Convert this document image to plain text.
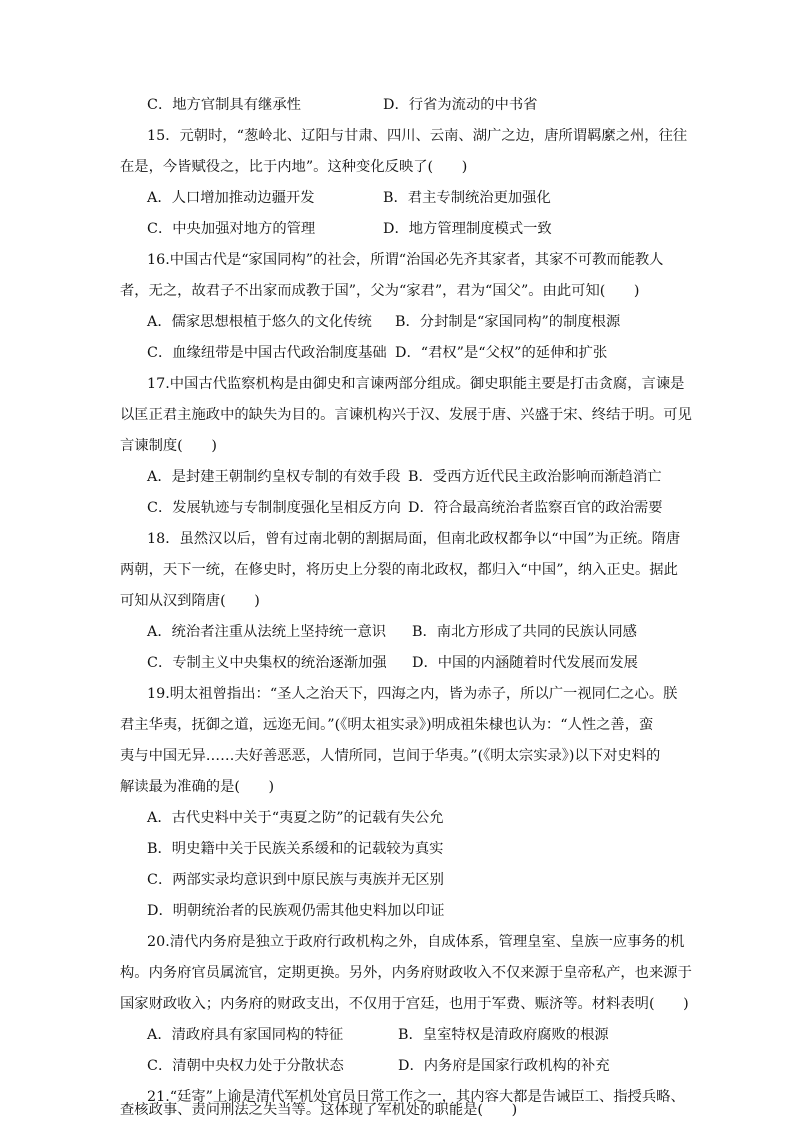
C．地方官制具有继承性	D．行省为流动的中书省
15．元朝时，“葱岭北、辽阳与甘肃、四川、云南、湖广之边，唐所谓羁縻之州，往往
在是，今皆赋役之，比于内地”。这种变化反映了(　　)
A．人口增加推动边疆开发	B．君主专制统治更加强化
C．中央加强对地方的管理	D．地方管理制度模式一致
16.中国古代是“家国同构”的社会，所谓“治国必先齐其家者，其家不可教而能教人
者，无之，故君子不出家而成教于国”，父为“家君”，君为“国父”。由此可知(　　)
A．儒家思想根植于悠久的文化传统 B．分封制是“家国同构”的制度根源
C．血缘纽带是中国古代政治制度基础 D．“君权”是“父权”的延伸和扩张
17.中国古代监察机构是由御史和言谏两部分组成。御史职能主要是打击贪腐，言谏是
以匡正君主施政中的缺失为目的。言谏机构兴于汉、发展于唐、兴盛于宋、终结于明。可见
言谏制度(　　)
A．是封建王朝制约皇权专制的有效手段 B．受西方近代民主政治影响而渐趋消亡
C．发展轨迹与专制制度强化呈相反方向 D．符合最高统治者监察百官的政治需要
18．虽然汉以后，曾有过南北朝的割据局面，但南北政权都争以“中国”为正统。隋唐
两朝，天下一统，在修史时，将历史上分裂的南北政权，都归入“中国”，纳入正史。据此
可知从汉到隋唐(　　)
A．统治者注重从法统上坚持统一意识 B．南北方形成了共同的民族认同感
C．专制主义中央集权的统治逐渐加强 D．中国的内涵随着时代发展而发展
19.明太祖曾指出：“圣人之治天下，四海之内，皆为赤子，所以广一视同仁之心。朕
君主华夷，抚御之道，远迩无间。”(《明太祖实录》)明成祖朱棣也认为：“人性之善，蛮
夷与中国无异……夫好善恶恶，人情所同，岂间于华夷。”(《明太宗实录》)以下对史料的
解读最为准确的是(　　)
A．古代史料中关于“夷夏之防”的记载有失公允
B．明史籍中关于民族关系缓和的记载较为真实
C．两部实录均意识到中原民族与夷族并无区别
D．明朝统治者的民族观仍需其他史料加以印证
20.清代内务府是独立于政府行政机构之外，自成体系，管理皇室、皇族一应事务的机
构。内务府官员属流官，定期更换。另外，内务府财政收入不仅来源于皇帝私产，也来源于
国家财政收入；内务府的财政支出，不仅用于宫廷，也用于军费、赈济等。材料表明(　　)
A．清政府具有家国同构的特征	B．皇室特权是清政府腐败的根源
C．清朝中央权力处于分散状态	D．内务府是国家行政机构的补充
21.“廷寄”上谕是清代军机处官员日常工作之一，其内容大都是告诫臣工、指授兵略、
查核政事、责问刑法之失当等。这体现了军机处的职能是(　　)
